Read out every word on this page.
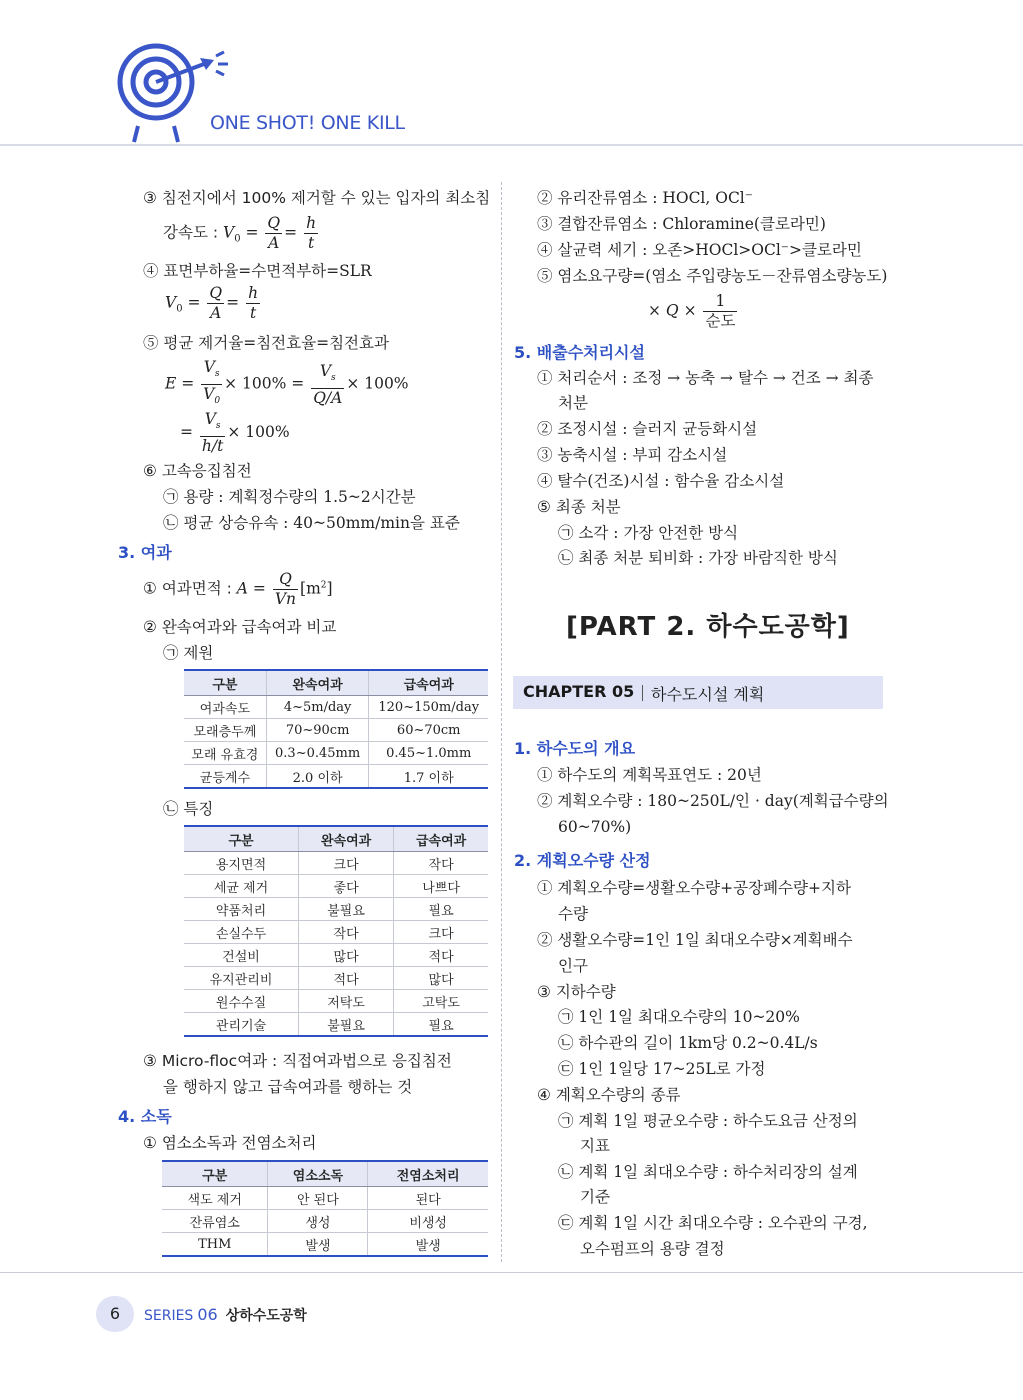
ONE SHOT! ONE KILL
③ 침전지에서 100% 제거할 수 있는 입자의 최소침
강속도 : $V_0 = \frac{Q}{A} = \frac{h}{t}$
④ 표면부하율=수면적부하=SLR
$V_0 = \frac{Q}{A} = \frac{h}{t}$
⑤ 평균 제거율=침전효율=침전효과
$E = \frac{V_s}{V_0} \times 100\% = \frac{V_s}{Q/A} \times 100\%$
= $\frac{V_s}{h/t} \times 100\%$
⑥ 고속응집침전
㉠ 용량 : 계획정수량의 1.5~2시간분
㉡ 평균 상승유속 : 40~50mm/min을 표준
3. 여과
① 여과면적 : $A = \frac{Q}{Vn} [m^2]$
② 완속여과와 급속여과 비교
㉠ 제원
구분	완속여과	급속여과
여과속도	4~5m/day	120~150m/day
모래층두께	70~90cm	60~70cm
모래 유효경	0.3~0.45mm	0.45~1.0mm
균등계수	2.0 이하	1.7 이하
㉡ 특징
구분	완속여과	급속여과
용지면적	크다	작다
세균 제거	좋다	나쁘다
약품처리	불필요	필요
손실수두	작다	크다
건설비	많다	적다
유지관리비	적다	많다
원수수질	저탁도	고탁도
관리기술	불필요	필요
③ Micro-floc여과 : 직접여과법으로 응집침전
을 행하지 않고 급속여과를 행하는 것
4. 소독
① 염소소독과 전염소처리
구분	염소소독	전염소처리
색도 제거	안 된다	된다
잔류염소	생성	비생성
THM	발생	발생
② 유리잔류염소 : HOCl, OCl⁻
③ 결합잔류염소 : Chloramine(클로라민)
④ 살균력 세기 : 오존>HOCl>OCl⁻>클로라민
⑤ 염소요구량=(염소 주입량농도－잔류염소량농도)
× $Q \times \frac{1}{\text{순도}}$
5. 배출수처리시설
① 처리순서 : 조정 → 농축 → 탈수 → 건조 → 최종
처분
② 조정시설 : 슬러지 균등화시설
③ 농축시설 : 부피 감소시설
④ 탈수(건조)시설 : 함수율 감소시설
⑤ 최종 처분
㉠ 소각 : 가장 안전한 방식
㉡ 최종 처분 퇴비화 : 가장 바람직한 방식
[PART 2. 하수도공학]
CHAPTER 05 하수도시설 계획
1. 하수도의 개요
① 하수도의 계획목표연도 : 20년
② 계획오수량 : 180~250L/인 · day(계획급수량의
60~70%)
2. 계획오수량 산정
① 계획오수량=생활오수량+공장폐수량+지하
수량
② 생활오수량=1인 1일 최대오수량×계획배수
인구
③ 지하수량
㉠ 1인 1일 최대오수량의 10~20%
㉡ 하수관의 길이 1km당 0.2~0.4L/s
㉢ 1인 1일당 17~25L로 가정
④ 계획오수량의 종류
㉠ 계획 1일 평균오수량 : 하수도요금 산정의
지표
㉡ 계획 1일 최대오수량 : 하수처리장의 설계
기준
㉢ 계획 1일 시간 최대오수량 : 오수관의 구경,
오수펌프의 용량 결정
6	SERIES 06 상하수도공학
